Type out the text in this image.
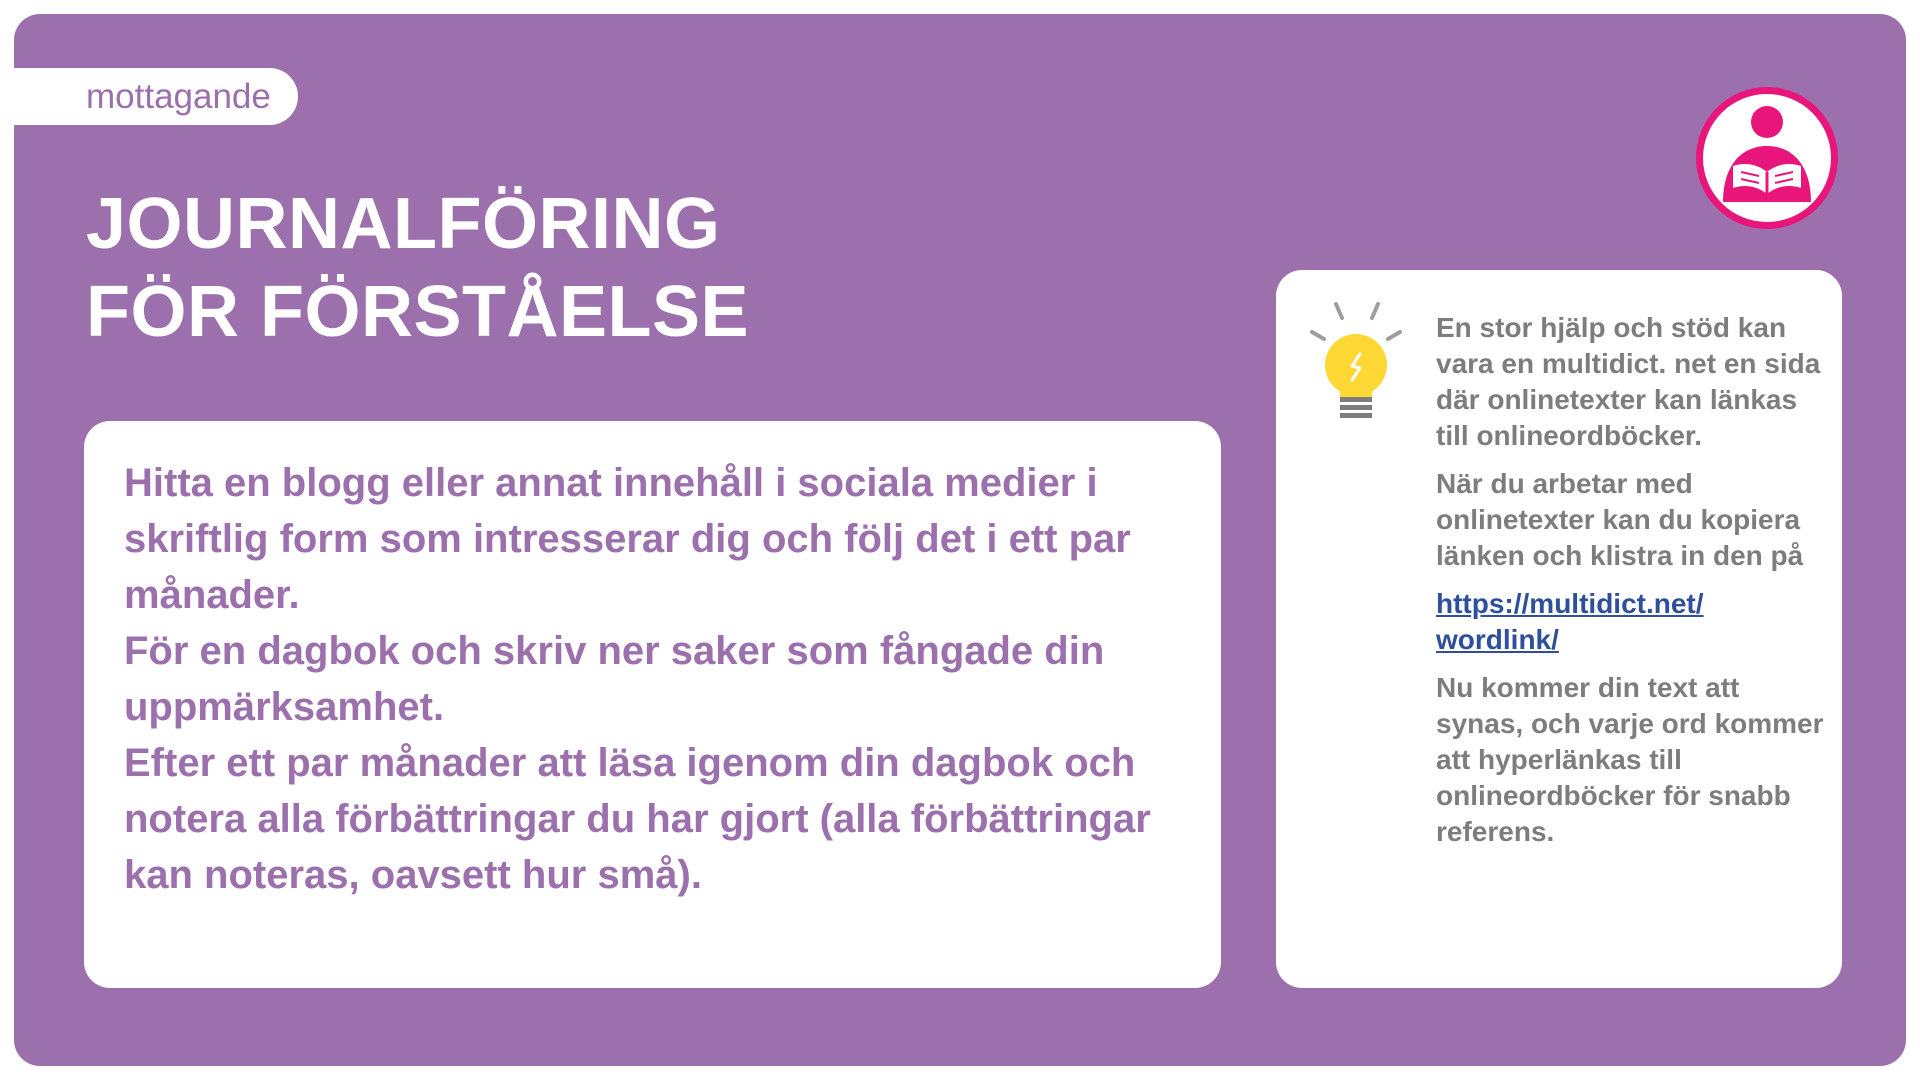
mottagande
JOURNALFÖRING
FÖR FÖRSTÅELSE

Hitta en blogg eller annat innehåll i sociala medier i skriftlig form som intresserar dig och följ det i ett par månader.

För en dagbok och skriv ner saker som fångade din uppmärksamhet.

Efter ett par månader att läsa igenom din dagbok och notera alla förbättringar du har gjort (alla förbättringar kan noteras, oavsett hur små).

En stor hjälp och stöd kan vara en multidict. net en sida där onlinetexter kan länkas till onlineordböcker.

När du arbetar med onlinetexter kan du kopiera länken och klistra in den på

https://multidict.net/
wordlink/

Nu kommer din text att synas, och varje ord kommer att hyperlänkas till onlineordböcker för snabb referens.
